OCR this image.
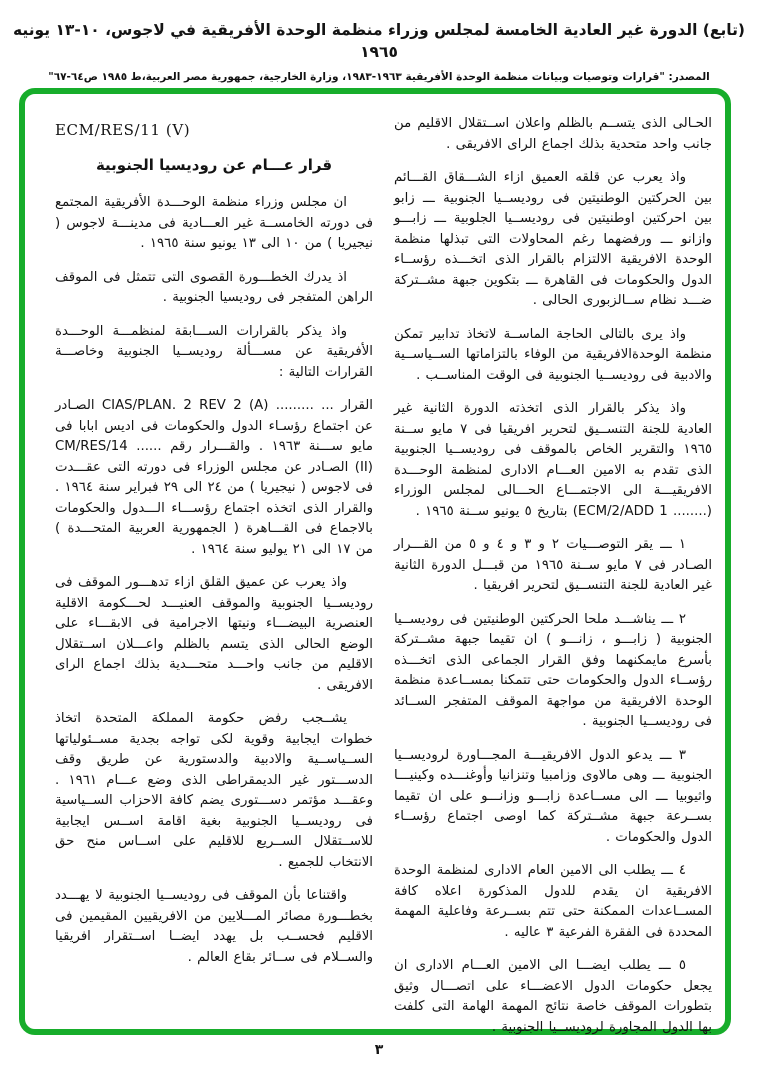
(تابع) الدورة غير العادية الخامسة لمجلس وزراء منظمة الوحدة الأفريقية في لاجوس، ١٠-١٣ يونيه ١٩٦٥
المصدر: "قرارات وتوصيات وبيانات منظمة الوحدة الأفريقية ١٩٦٣-١٩٨٣، وزارة الخارجية، جمهورية مصر العربية،ط ١٩٨٥ ص٦٤-٦٧"

الحـالى الذى يتســم بالظلم واعلان اســتقلال الاقليم من جانب واحد متحدية بذلك اجماع الراى الافريقى .

واذ يعرب عن قلقه العميق ازاء الشـــقاق القـــائم بين الحركتين الوطنيتين فى روديســيا الجنوبية ـــ زابو بين احركتين اوطنيتين فى روديســيا الجلوبية ـــ زابـــو وازانو ـــ ورفضهما رغم المحاولات التى تبذلها منظمة الوحدة الافريقية الالتزام بالقرار الذى اتخـــذه رؤســاء الدول والحكومات فى القاهرة ـــ بتكوين جبهة مشــتركة ضـــد نظام ســالزبورى الحالى .

واذ يرى بالتالى الحاجة الماســة لاتخاذ تدابير تمكن منظمة الوحدةالافريقية من الوفاء بالتزاماتها الســياســية والادبية فى روديســيا الجنوبية فى الوقت المناســب .

واذ يذكر بالقرار الذى اتخذته الدورة الثانية غير العادية للجنة التنســيق لتحرير افريقيا فى ٧ مايو ســنة ١٩٦٥ والتقرير الخاص بالموقف فى روديســيا الجنوبية الذى تقدم به الامين العـــام الادارى لمنظمة الوحـــدة الافريقيـــة الى الاجتمـــاع الحـــالى لمجلس الوزراء ‎(ECM/2/ADD 1 ........)‎ بتاريخ ٥ يونيو ســنة ١٩٦٥ .

١ ـــ يقر التوصـــيات ٢ و ٣ و ٤ و ٥ من القـــرار الصـادر فى ٧ مايو ســنة ١٩٦٥ من قبـــل الدورة الثانية غير العادية للجنة التنســيق لتحرير افريقيا .

٢ ـــ يناشـــد ملحا الحركتين الوطنيتين فى روديســيا الجنوبية ( زابـــو ، زانـــو ) ان تقيما جبهة مشــتركة بأسرع مايمكنهما وفق القرار الجماعى الذى اتخـــذه رؤســاء الدول والحكومات حتى تتمكنا بمســاعدة منظمة الوحدة الافريقية من مواجهة الموقف المتفجر الســائد فى روديســيا الجنوبية .

٣ ـــ يدعو الدول الافريقيـــة المجـــاورة لروديســيا الجنوبية ـــ وهى مالاوى وزامبيا وتنزانيا وأوغنـــده وكينيـــا واثيوبيا ـــ الى مســاعدة زابـــو وزانـــو على ان تقيما بســرعة جبهة مشــتركة كما اوصى اجتماع رؤســاء الدول والحكومات .

٤ ـــ يطلب الى الامين العام الادارى لمنظمة الوحدة الافريقية ان يقدم للدول المذكورة اعلاه كافة المســاعدات الممكنة حتى تتم بســرعة وفاعلية المهمة المحددة فى الفقرة الفرعية ٣ عاليه .

٥ ـــ يطلب ايضـــا الى الامين العـــام الادارى ان يجعل حكومات الدول الاعضـــاء على اتصـــال وثيق بتطورات الموقف خاصة نتائج المهمة الهامة التى كلفت بها الدول المجاورة لروديســيا الجنوبية .

ECM/RES/11 (V)
قرار عـــام عن روديسيا الجنوبية

ان مجلس وزراء منظمة الوحـــدة الأفريقية المجتمع فى دورته الخامســة غير العـــادية فى مدينـــة لاجوس ( نيجيريا ) من ١٠ الى ١٣ يونيو سنة ١٩٦٥ .

اذ يدرك الخطـــورة القصوى التى تتمثل فى الموقف الراهن المتفجر فى روديسيا الجنوبية .

واذ يذكر بالقرارات الســـابقة لمنظمـــة الوحـــدة الأفريقية عن مســـألة روديســيا الجنوبية وخاصـــة القرارات التالية :

القرار ... ......... ‎CIAS/PLAN. 2 REV 2 (A)‎ الصـادر عن اجتماع رؤسـاء الدول والحكومات فى اديس ابابا فى مايو ســـنة ١٩٦٣ . والقـــرار رقم ...... ‎CM/RES/14 (II)‎ الصـادر عن مجلس الوزراء فى دورته التى عقـــدت فى لاجوس ( نيجيريا ) من ٢٤ الى ٢٩ فبراير سنة ١٩٦٤ . والقرار الذى اتخذه اجتماع رؤســـاء الـــدول والحكومات بالاجماع فى القـــاهرة ( الجمهورية العربية المتحـــدة ) من ١٧ الى ٢١ يوليو سنة ١٩٦٤ .

واذ يعرب عن عميق القلق ازاء تدهـــور الموقف فى روديســيا الجنوبية والموقف العنيـــد لحـــكومة الاقلية العنصرية البيضـــاء ونيتها الاجرامية فى الابقـــاء على الوضع الحالى الذى يتسم بالظلم واعـــلان اســتقلال الاقليم من جانب واحـــد متحـــدية بذلك اجماع الراى الافريقى .

يشــجب رفض حكومة المملكة المتحدة اتخاذ خطوات ايجابية وقوية لكى تواجه بجدية مســئولياتها الســياســية والادبية والدستورية عن طريق وقف الدســـتور غير الديمقراطى الذى وضع عـــام ١٩٦١ . وعقـــد مؤتمر دســـتورى يضم كافة الاحزاب الســياسية فى روديســيا الجنوبية بغية اقامة اســس ايجابية للاســتقلال الســريع للاقليم على اســاس منح حق الانتخاب للجميع .

واقتناعا بأن الموقف فى روديســيا الجنوبية لا يهـــدد بخطـــورة مصائر المـــلايين من الافريقيين المقيمين فى الاقليم فحســب بل يهدد ايضــا اســتقرار افريقيا والســلام فى ســائر بقاع العالم .

٣
